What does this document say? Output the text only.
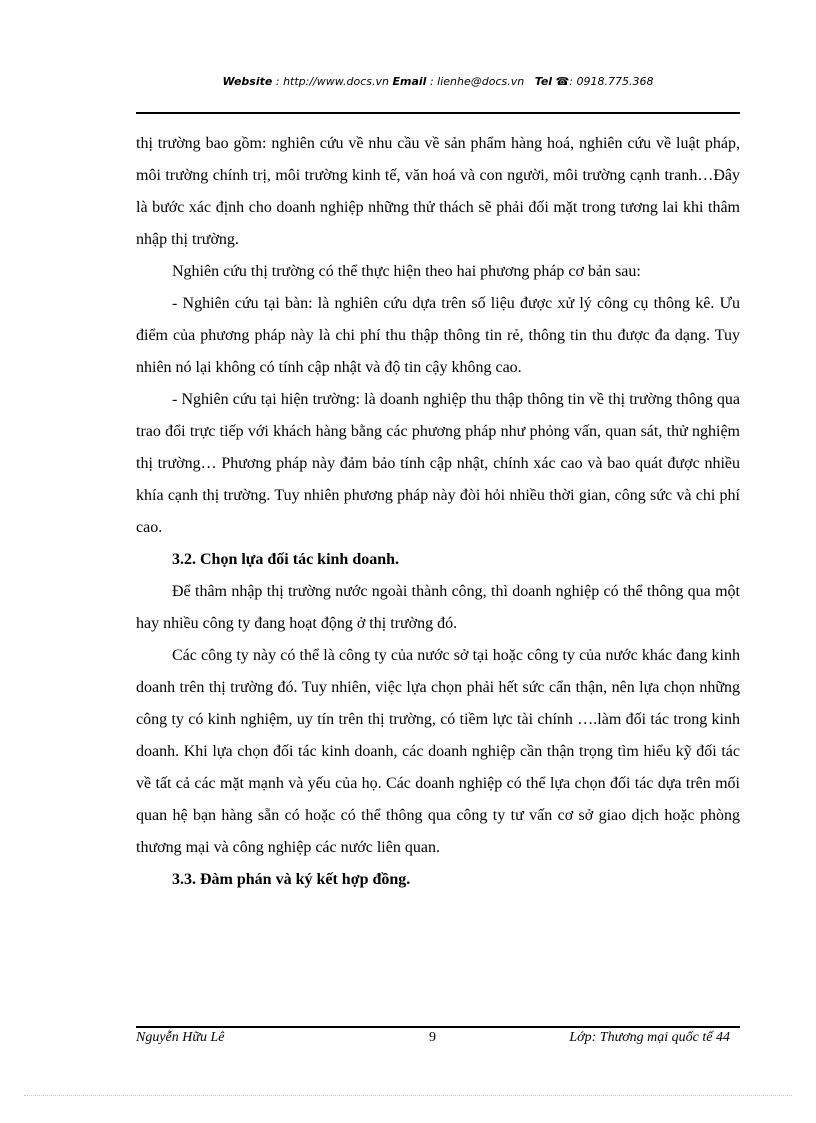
Website : http://www.docs.vn Email : lienhe@docs.vn Tel ☎: 0918.775.368

thị trường bao gồm: nghiên cứu về nhu cầu về sản phẩm hàng hoá, nghiên cứu về luật pháp, môi trường chính trị, môi trường kinh tế, văn hoá và con người, môi trường cạnh tranh…Đây là bước xác định cho doanh nghiệp những thử thách sẽ phải đối mặt trong tương lai khi thâm nhập thị trường.

Nghiên cứu thị trường có thể thực hiện theo hai phương pháp cơ bản sau:

- Nghiên cứu tại bàn: là nghiên cứu dựa trên số liệu được xử lý công cụ thông kê. Ưu điểm của phương pháp này là chi phí thu thập thông tin rẻ, thông tin thu được đa dạng. Tuy nhiên nó lại không có tính cập nhật và độ tin cậy không cao.

- Nghiên cứu tại hiện trường: là doanh nghiệp thu thập thông tin về thị trường thông qua trao đổi trực tiếp với khách hàng bằng các phương pháp như phỏng vấn, quan sát, thử nghiệm thị trường… Phương pháp này đảm bảo tính cập nhật, chính xác cao và bao quát được nhiều khía cạnh thị trường. Tuy nhiên phương pháp này đòi hỏi nhiều thời gian, công sức và chi phí cao.

3.2. Chọn lựa đối tác kinh doanh.

Để thâm nhập thị trường nước ngoài thành công, thì doanh nghiệp có thể thông qua một hay nhiều công ty đang hoạt động ở thị trường đó.

Các công ty này có thể là công ty của nước sở tại hoặc công ty của nước khác đang kinh doanh trên thị trường đó. Tuy nhiên, việc lựa chọn phải hết sức cẩn thận, nên lựa chọn những công ty có kinh nghiệm, uy tín trên thị trường, có tiềm lực tài chính ….làm đối tác trong kinh doanh. Khi lựa chọn đối tác kinh doanh, các doanh nghiệp cần thận trọng tìm hiểu kỹ đối tác về tất cả các mặt mạnh và yếu của họ. Các doanh nghiệp có thể lựa chọn đối tác dựa trên mối quan hệ bạn hàng sẵn có hoặc có thể thông qua công ty tư vấn cơ sở giao dịch hoặc phòng thương mại và công nghiệp các nước liên quan.

3.3. Đàm phán và ký kết hợp đồng.
Nguyễn Hữu Lê	9	Lớp: Thương mại quốc tế 44
